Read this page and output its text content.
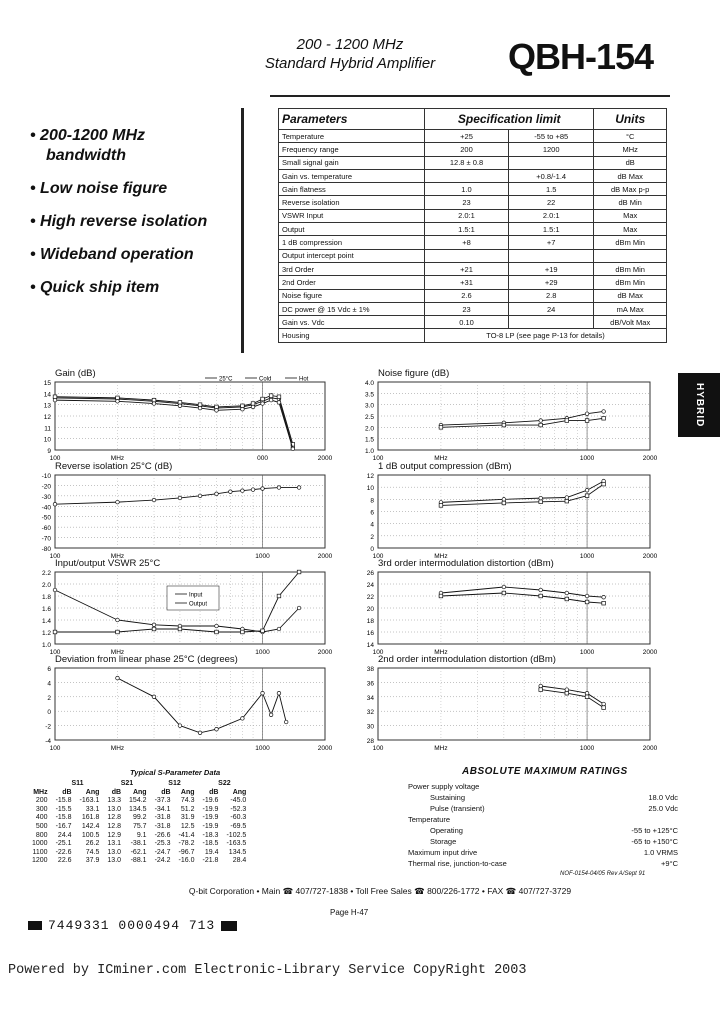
200 - 1200 MHz
Standard Hybrid Amplifier	QBH-154
• 200-1200 MHz
bandwidth
• Low noise figure
• High reverse isolation
• Wideband operation
• Quick ship item
Parameters	Specification limit		Units
Temperature	+25	-55 to +85	°C
Frequency range	200	1200	MHz
Small signal gain	12.8 ± 0.8		dB
Gain vs. temperature		+0.8/-1.4	dB Max
Gain flatness	1.0	1.5	dB Max p-p
Reverse isolation	23	22	dB Min
VSWR Input	2.0:1	2.0:1	Max
Output	1.5:1	1.5:1	Max
1 dB compression	+8	+7	dBm Min
Output intercept point			
3rd Order	+21	+19	dBm Min
2nd Order	+31	+29	dBm Min
Noise figure	2.6	2.8	dB Max
DC power @ 15 Vdc ± 1%	23	24	mA Max
Gain vs. Vdc	0.10		dB/Volt Max
Housing	TO-8 LP (see page P-13 for details)		
HYBRID
Gain (dB)
15
14
13
12
11
10
9
100	MHz	000	2000
25°C	Cold	Hot
Noise figure (dB)
4.0
3.5
3.0
2.5
2.0
1.5
1.0
100	MHz	1000	2000
Reverse isolation 25°C (dB)
-10
-20
-30
-40
-50
-60
-70
-80
100	MHz	1000	2000
1 dB output compression (dBm)
12
10
8
6
4
2
0
100	MHz	1000	2000
Input/output VSWR 25°C
2.2
2.0
1.8
1.6
1.4
1.2
1.0
100	MHz	1000	2000
Input
Output
3rd order intermodulation distortion (dBm)
26
24
22
20
18
16
14
100	MHz	1000	2000
Deviation from linear phase 25°C (degrees)
6
4
2
0
-2
-4
100	MHz	1000	2000
2nd order intermodulation distortion (dBm)
38
36
34
32
30
28
100	MHz	1000	2000
Typical S-Parameter Data
	S11		S21		S12		S22	
MHz	dB	Ang	dB	Ang	dB	Ang	dB	Ang
200	-15.8	-163.1	13.3	154.2	-37.3	74.3	-19.6	-45.0
300	-15.5	33.1	13.0	134.5	-34.1	51.2	-19.9	-52.3
400	-15.8	161.8	12.8	99.2	-31.8	31.9	-19.9	-60.3
500	-16.7	142.4	12.8	75.7	-31.8	12.5	-19.9	-69.5
800	24.4	100.5	12.9	9.1	-26.6	-41.4	-18.3	-102.5
1000	-25.1	26.2	13.1	-38.1	-25.3	-78.2	-18.5	-163.5
1100	-22.6	74.5	13.0	-62.1	-24.7	-96.7	19.4	134.5
1200	22.6	37.9	13.0	-88.1	-24.2	-16.0	-21.8	28.4
ABSOLUTE MAXIMUM RATINGS
Power supply voltage
Sustaining	18.0 Vdc
Pulse (transient)	25.0 Vdc
Temperature
Operating	-55 to +125°C
Storage	-65 to +150°C
Maximum input drive	1.0 VRMS
Thermal rise, junction-to-case	+9°C
NOF-0154-04/05 Rev A/Sept 91
Q-bit Corporation • Main ☎ 407/727-1838 • Toll Free Sales ☎ 800/226-1772 • FAX ☎ 407/727-3729
Page H-47
7449331 0000494 713
Powered by ICminer.com Electronic-Library Service CopyRight 2003
